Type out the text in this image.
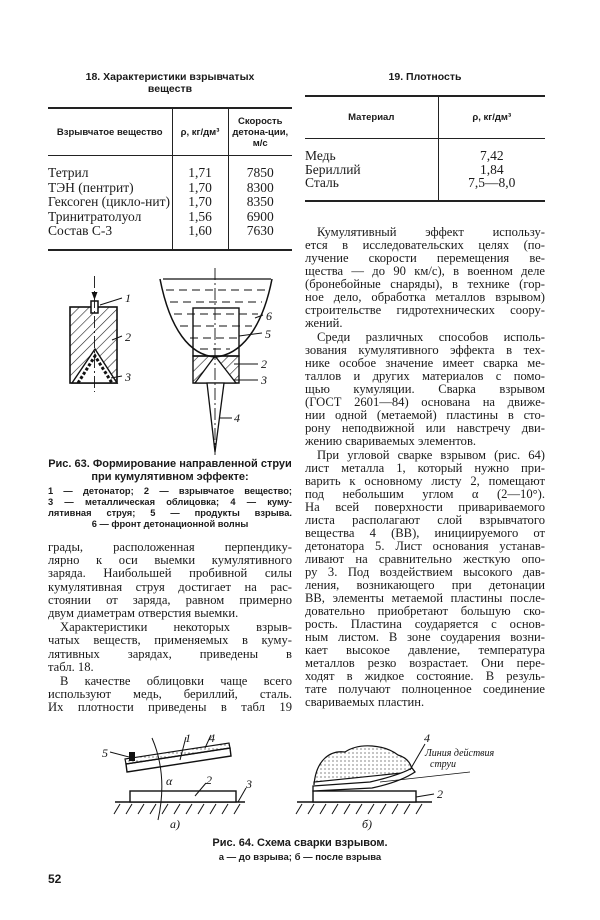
18. Характеристики взрывчатых
веществ
Взрывчатое вещество	ρ, кг/дм³	Скорость детона-ции, м/с
Тетрил	1,71	7850
ТЭН (пентрит)	1,70	8300
Гексоген (цикло-нит)	1,70	8350
Тринитратолуол	1,56	6900
Состав С-3	1,60	7630
19. Плотность
Материал	ρ, кг/дм³
Медь	7,42
Бериллий	1,84
Сталь	7,5—8,0
1
2
3
6
5
2
3
4
Рис. 63. Формирование направленной струи при кумулятивном эффекте:
1 — детонатор; 2 — взрывчатое вещество;
3 — металлическая облицовка; 4 — куму-
лятивная струя; 5 — продукты взрыва.
6 — фронт детонационной волны
грады, расположенная перпендику-
лярно к оси выемки кумулятивного
заряда. Наибольшей пробивной силы
кумулятивная струя достигает на рас-
стоянии от заряда, равном примерно
двум диаметрам отверстия выемки.
Характеристики некоторых взрыв-
чатых веществ, применяемых в куму-
лятивных зарядах, приведены в
табл. 18.
В качестве облицовки чаще всего
используют медь, бериллий, сталь.
Их плотности приведены в табл 19
Кумулятивный эффект использу-
ется в исследовательских целях (по-
лучение скорости перемещения ве-
щества — до 90 км/с), в военном деле
(бронебойные снаряды), в технике (гор-
ное дело, обработка металлов взрывом)
строительстве гидротехнических соору-
жений.
Среди различных способов исполь-
зования кумулятивного эффекта в тех-
нике особое значение имеет сварка ме-
таллов и других материалов с помо-
щью кумуляции. Сварка взрывом
(ГОСТ 2601—84) основана на движе-
нии одной (метаемой) пластины в сто-
рону неподвижной или навстречу дви-
жению свариваемых элементов.
При угловой сварке взрывом (рис. 64)
лист металла 1, который нужно при-
варить к основному листу 2, помещают
под небольшим углом α (2—10°).
На всей поверхности привариваемого
листа располагают слой взрывчатого
вещества 4 (ВВ), инициируемого от
детонатора 5. Лист основания устанав-
ливают на сравнительно жесткую опо-
ру 3. Под воздействием высокого дав-
ления, возникающего при детонации
ВВ, элементы метаемой пластины после-
довательно приобретают большую ско-
рость. Пластина соударяется с основ-
ным листом. В зоне соударения возни-
кает высокое давление, температура
металлов резко возрастает. Они пере-
ходят в жидкое состояние. В резуль-
тате получают полноценное соединение
свариваемых пластин.
5
1 4
α	2	3
а)
4
2
Линия действия
струи
б)
Рис. 64. Схема сварки взрывом.
а — до взрыва; б — после взрыва
52
